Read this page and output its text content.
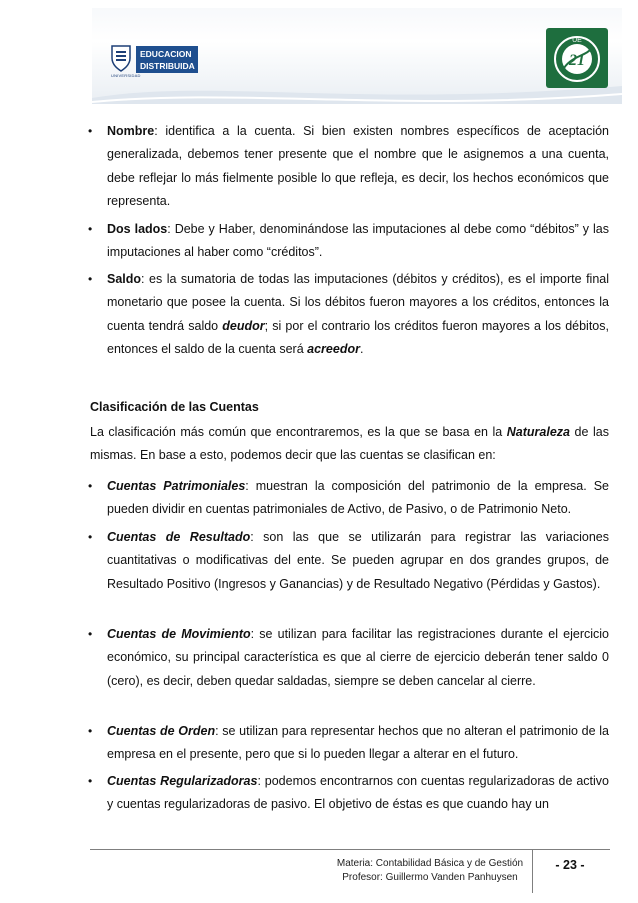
UNIVERSIDAD
EDUCACION
DISTRIBUIDA
UE
21
• Nombre: identifica a la cuenta. Si bien existen nombres específicos de aceptación generalizada, debemos tener presente que el nombre que le asignemos a una cuenta, debe reflejar lo más fielmente posible lo que refleja, es decir, los hechos económicos que representa.
• Dos lados: Debe y Haber, denominándose las imputaciones al debe como “débitos” y las imputaciones al haber como “créditos”.
• Saldo: es la sumatoria de todas las imputaciones (débitos y créditos), es el importe final monetario que posee la cuenta. Si los débitos fueron mayores a los créditos, entonces la cuenta tendrá saldo deudor; si por el contrario los créditos fueron mayores a los débitos, entonces el saldo de la cuenta será acreedor.
Clasificación de las Cuentas
La clasificación más común que encontraremos, es la que se basa en la Naturaleza de las mismas. En base a esto, podemos decir que las cuentas se clasifican en:
• Cuentas Patrimoniales: muestran la composición del patrimonio de la empresa. Se pueden dividir en cuentas patrimoniales de Activo, de Pasivo, o de Patrimonio Neto.
• Cuentas de Resultado: son las que se utilizarán para registrar las variaciones cuantitativas o modificativas del ente. Se pueden agrupar en dos grandes grupos, de Resultado Positivo (Ingresos y Ganancias) y de Resultado Negativo (Pérdidas y Gastos).
• Cuentas de Movimiento: se utilizan para facilitar las registraciones durante el ejercicio económico, su principal característica es que al cierre de ejercicio deberán tener saldo 0 (cero), es decir, deben quedar saldadas, siempre se deben cancelar al cierre.
• Cuentas de Orden: se utilizan para representar hechos que no alteran el patrimonio de la empresa en el presente, pero que si lo pueden llegar a alterar en el futuro.
• Cuentas Regularizadoras: podemos encontrarnos con cuentas regularizadoras de activo y cuentas regularizadoras de pasivo. El objetivo de éstas es que cuando hay un
Materia: Contabilidad Básica y de Gestión
Profesor: Guillermo Vanden Panhuysen
- 23 -
